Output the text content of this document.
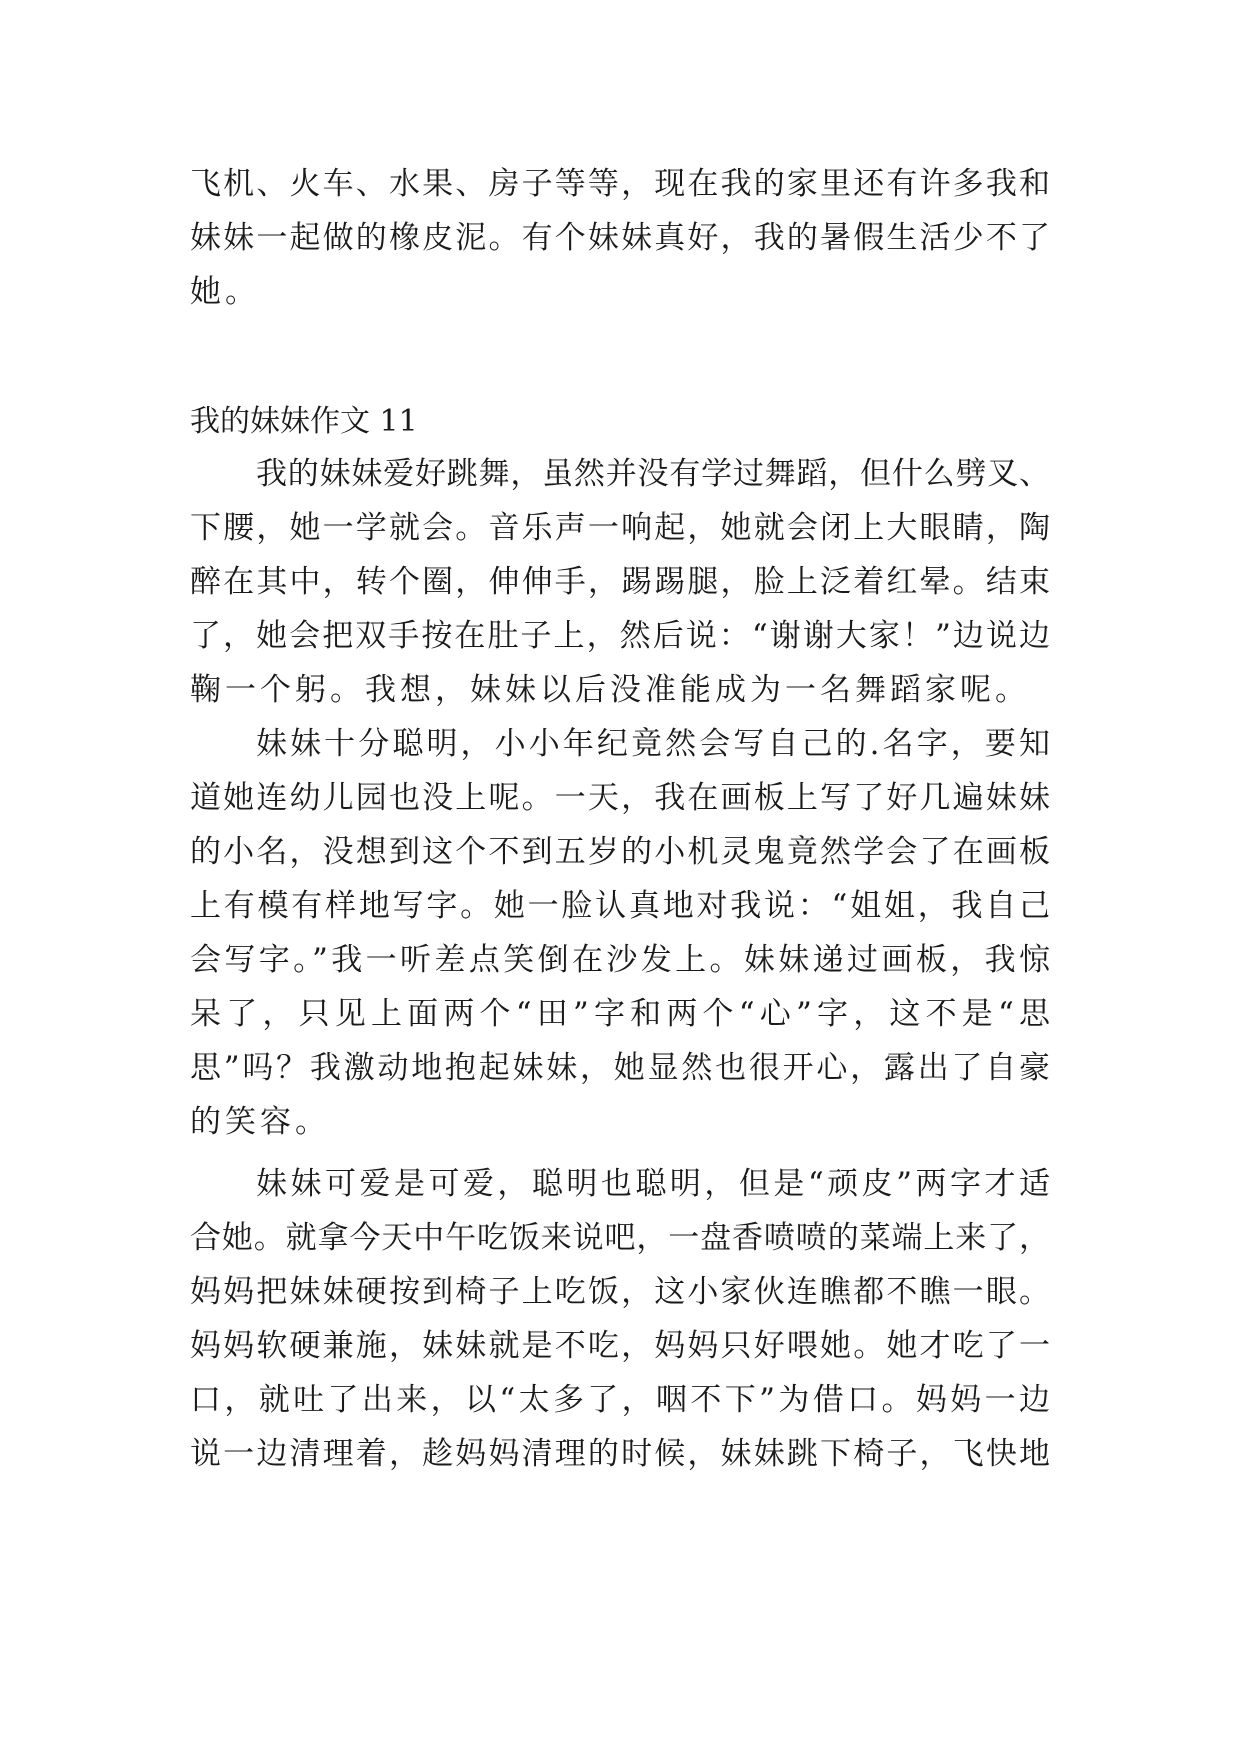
飞机、火车、水果、房子等等，现在我的家里还有许多我和
妹妹一起做的橡皮泥。有个妹妹真好，我的暑假生活少不了
她。
我的妹妹作文 11
我的妹妹爱好跳舞，虽然并没有学过舞蹈，但什么劈叉、
下腰，她一学就会。音乐声一响起，她就会闭上大眼睛，陶
醉在其中，转个圈，伸伸手，踢踢腿，脸上泛着红晕。结束
了，她会把双手按在肚子上，然后说：“谢谢大家！”边说边
鞠一个躬。我想，妹妹以后没准能成为一名舞蹈家呢。
妹妹十分聪明，小小年纪竟然会写自己的.名字，要知
道她连幼儿园也没上呢。一天，我在画板上写了好几遍妹妹
的小名，没想到这个不到五岁的小机灵鬼竟然学会了在画板
上有模有样地写字。她一脸认真地对我说：“姐姐，我自己
会写字。”我一听差点笑倒在沙发上。妹妹递过画板，我惊
呆了，只见上面两个“田”字和两个“心”字，这不是“思
思”吗？我激动地抱起妹妹，她显然也很开心，露出了自豪
的笑容。
妹妹可爱是可爱，聪明也聪明，但是“顽皮”两字才适
合她。就拿今天中午吃饭来说吧，一盘香喷喷的菜端上来了，
妈妈把妹妹硬按到椅子上吃饭，这小家伙连瞧都不瞧一眼。
妈妈软硬兼施，妹妹就是不吃，妈妈只好喂她。她才吃了一
口，就吐了出来，以“太多了，咽不下”为借口。妈妈一边
说一边清理着，趁妈妈清理的时候，妹妹跳下椅子，飞快地
